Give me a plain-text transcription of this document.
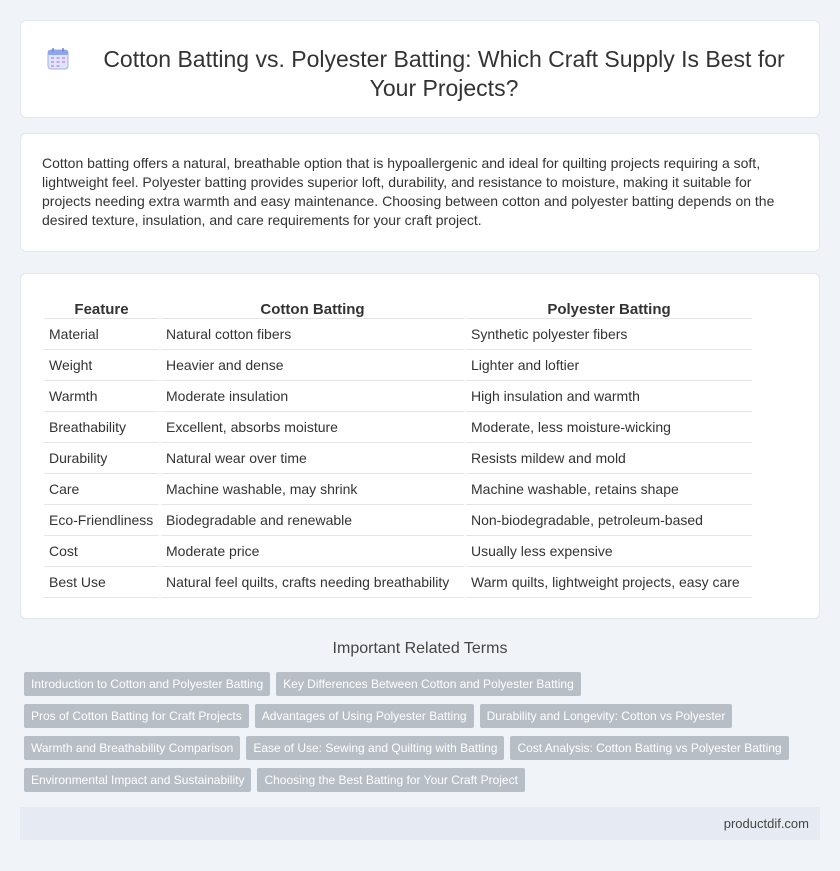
Cotton Batting vs. Polyester Batting: Which Craft Supply Is Best for Your Projects?

Cotton batting offers a natural, breathable option that is hypoallergenic and ideal for quilting projects requiring a soft, lightweight feel. Polyester batting provides superior loft, durability, and resistance to moisture, making it suitable for projects needing extra warmth and easy maintenance. Choosing between cotton and polyester batting depends on the desired texture, insulation, and care requirements for your craft project.

Feature	Cotton Batting	Polyester Batting
Material	Natural cotton fibers	Synthetic polyester fibers
Weight	Heavier and dense	Lighter and loftier
Warmth	Moderate insulation	High insulation and warmth
Breathability	Excellent, absorbs moisture	Moderate, less moisture-wicking
Durability	Natural wear over time	Resists mildew and mold
Care	Machine washable, may shrink	Machine washable, retains shape
Eco-Friendliness	Biodegradable and renewable	Non-biodegradable, petroleum-based
Cost	Moderate price	Usually less expensive
Best Use	Natural feel quilts, crafts needing breathability	Warm quilts, lightweight projects, easy care
Important Related Terms
Introduction to Cotton and Polyester Batting Key Differences Between Cotton and Polyester Batting
Pros of Cotton Batting for Craft Projects Advantages of Using Polyester Batting Durability and Longevity: Cotton vs Polyester
Warmth and Breathability Comparison Ease of Use: Sewing and Quilting with Batting Cost Analysis: Cotton Batting vs Polyester Batting
Environmental Impact and Sustainability Choosing the Best Batting for Your Craft Project
productdif.com
